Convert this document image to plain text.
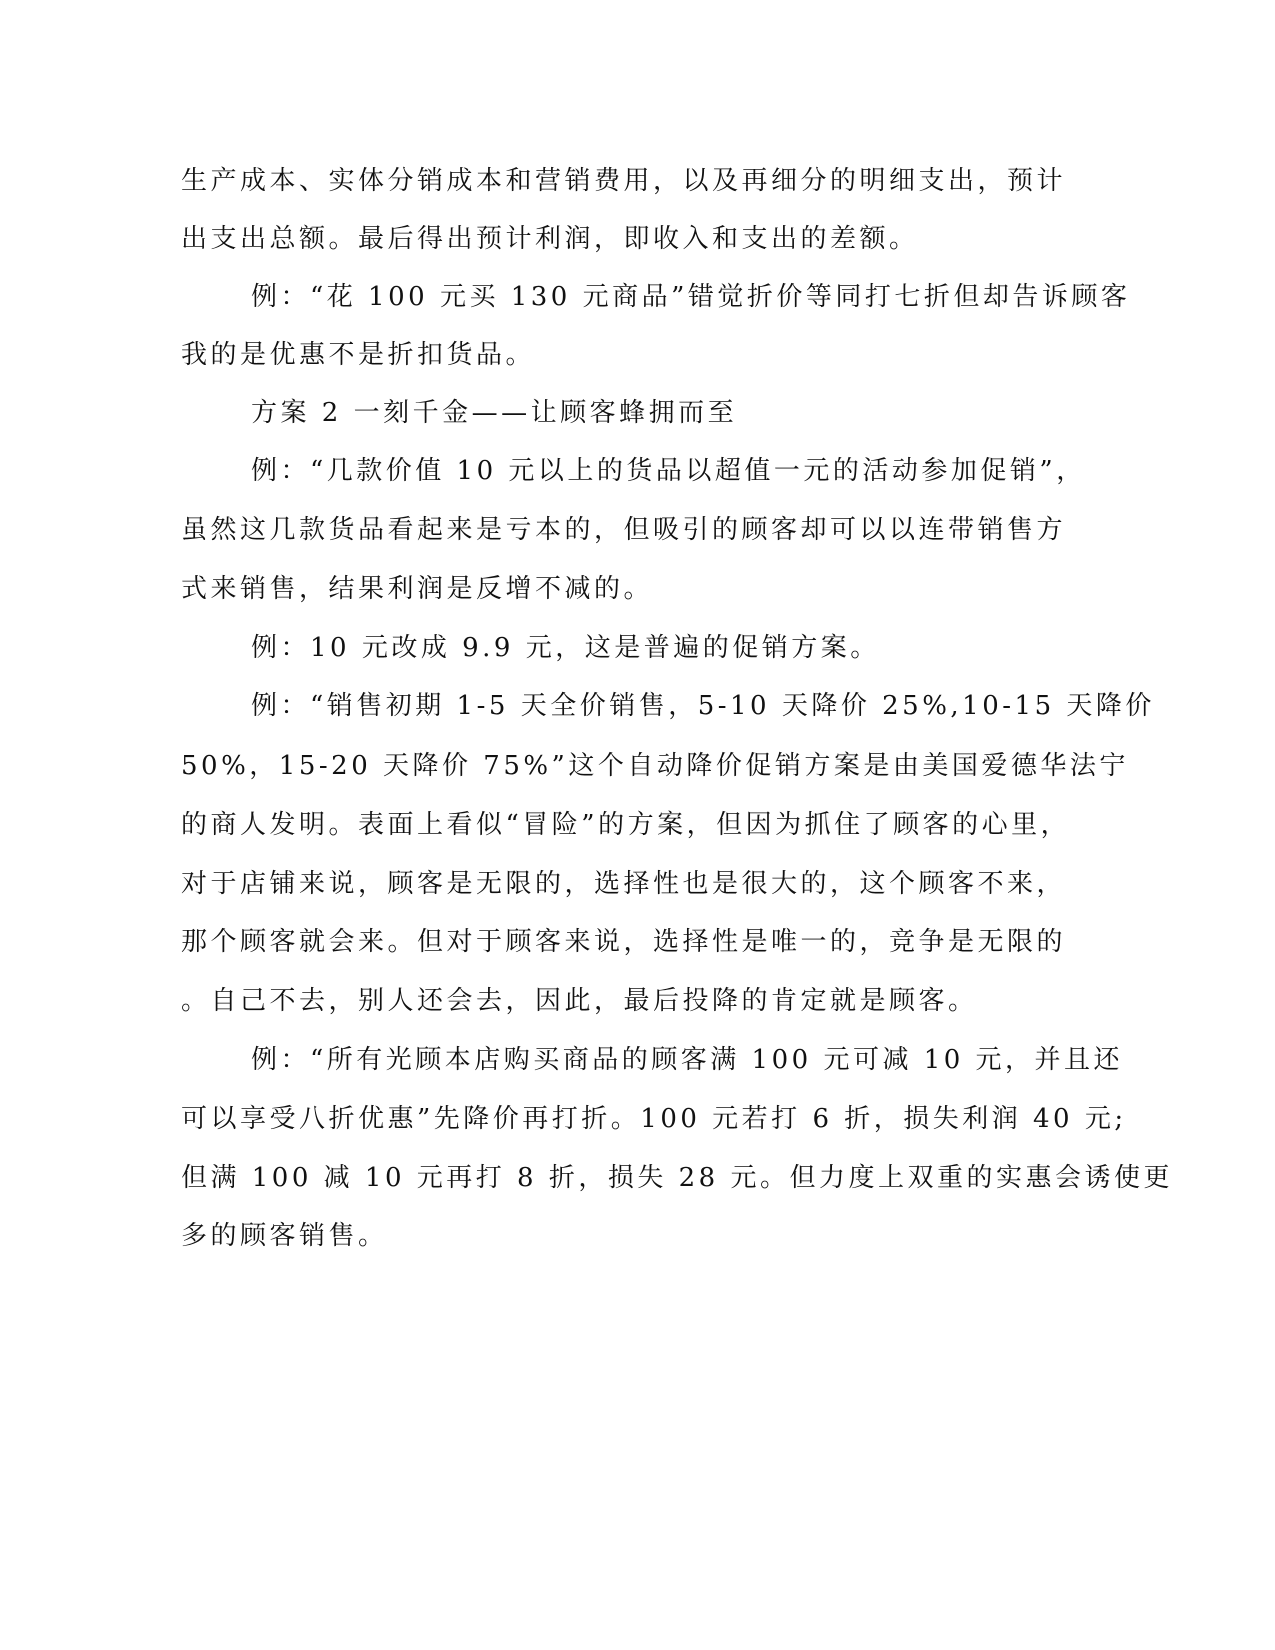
生产成本、实体分销成本和营销费用，以及再细分的明细支出，预计
出支出总额。最后得出预计利润，即收入和支出的差额。
例：“花 100 元买 130 元商品”错觉折价等同打七折但却告诉顾客
我的是优惠不是折扣货品。
方案 2 一刻千金——让顾客蜂拥而至
例：“几款价值 10 元以上的货品以超值一元的活动参加促销”，
虽然这几款货品看起来是亏本的，但吸引的顾客却可以以连带销售方
式来销售，结果利润是反增不减的。
例：10 元改成 9.9 元，这是普遍的促销方案。
例：“销售初期 1-5 天全价销售，5-10 天降价 25%,10-15 天降价
50%，15-20 天降价 75%”这个自动降价促销方案是由美国爱德华法宁
的商人发明。表面上看似“冒险”的方案，但因为抓住了顾客的心里，
对于店铺来说，顾客是无限的，选择性也是很大的，这个顾客不来，
那个顾客就会来。但对于顾客来说，选择性是唯一的，竞争是无限的
。自己不去，别人还会去，因此，最后投降的肯定就是顾客。
例：“所有光顾本店购买商品的顾客满 100 元可减 10 元，并且还
可以享受八折优惠”先降价再打折。100 元若打 6 折，损失利润 40 元;
但满 100 减 10 元再打 8 折，损失 28 元。但力度上双重的实惠会诱使更
多的顾客销售。
